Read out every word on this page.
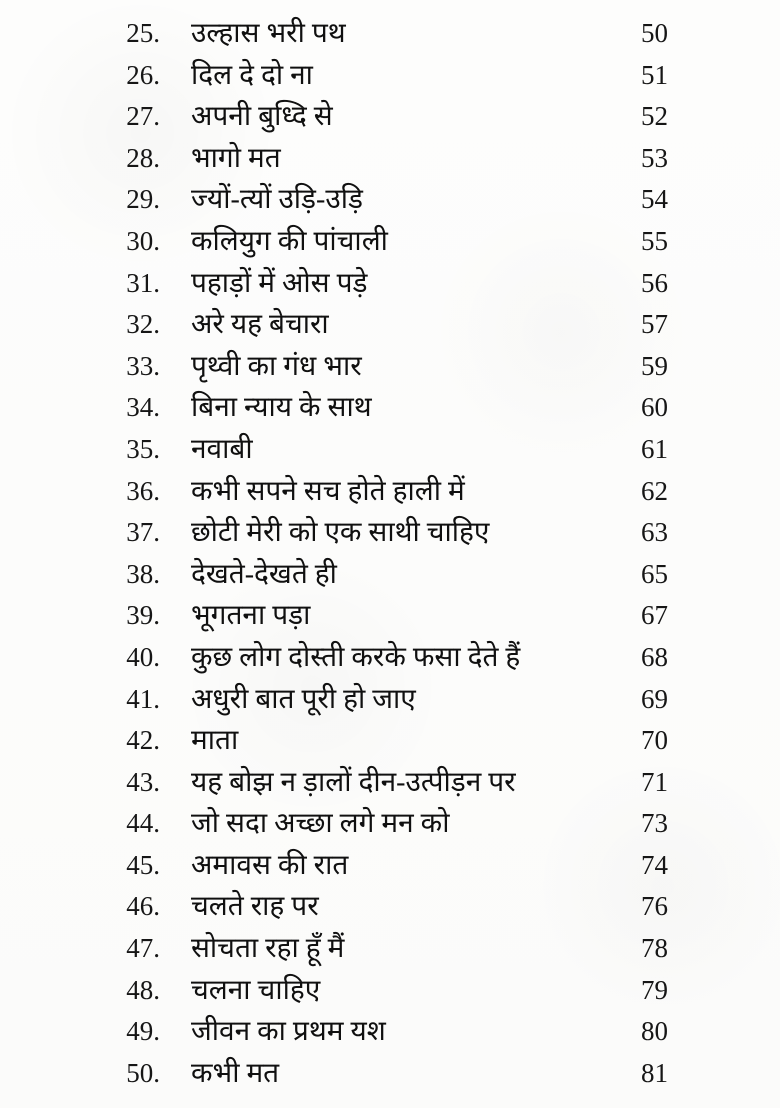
25. उल्हास भरी पथ	50
26. दिल दे दो ना	51
27. अपनी बुध्दि से	52
28. भागो मत	53
29. ज्यों-त्यों उड़ि-उड़ि	54
30. कलियुग की पांचाली	55
31. पहाड़ों में ओस पड़े	56
32. अरे यह बेचारा	57
33. पृथ्वी का गंध भार	59
34. बिना न्याय के साथ	60
35. नवाबी	61
36. कभी सपने सच होते हाली में	62
37. छोटी मेरी को एक साथी चाहिए	63
38. देखते-देखते ही	65
39. भूगतना पड़ा	67
40. कुछ लोग दोस्ती करके फसा देते हैं	68
41. अधुरी बात पूरी हो जाए	69
42. माता	70
43. यह बोझ न ड़ालों दीन-उत्पीड़न पर	71
44. जो सदा अच्छा लगे मन को	73
45. अमावस की रात	74
46. चलते राह पर	76
47. सोचता रहा हूँ मैं	78
48. चलना चाहिए	79
49. जीवन का प्रथम यश	80
50. कभी मत	81
